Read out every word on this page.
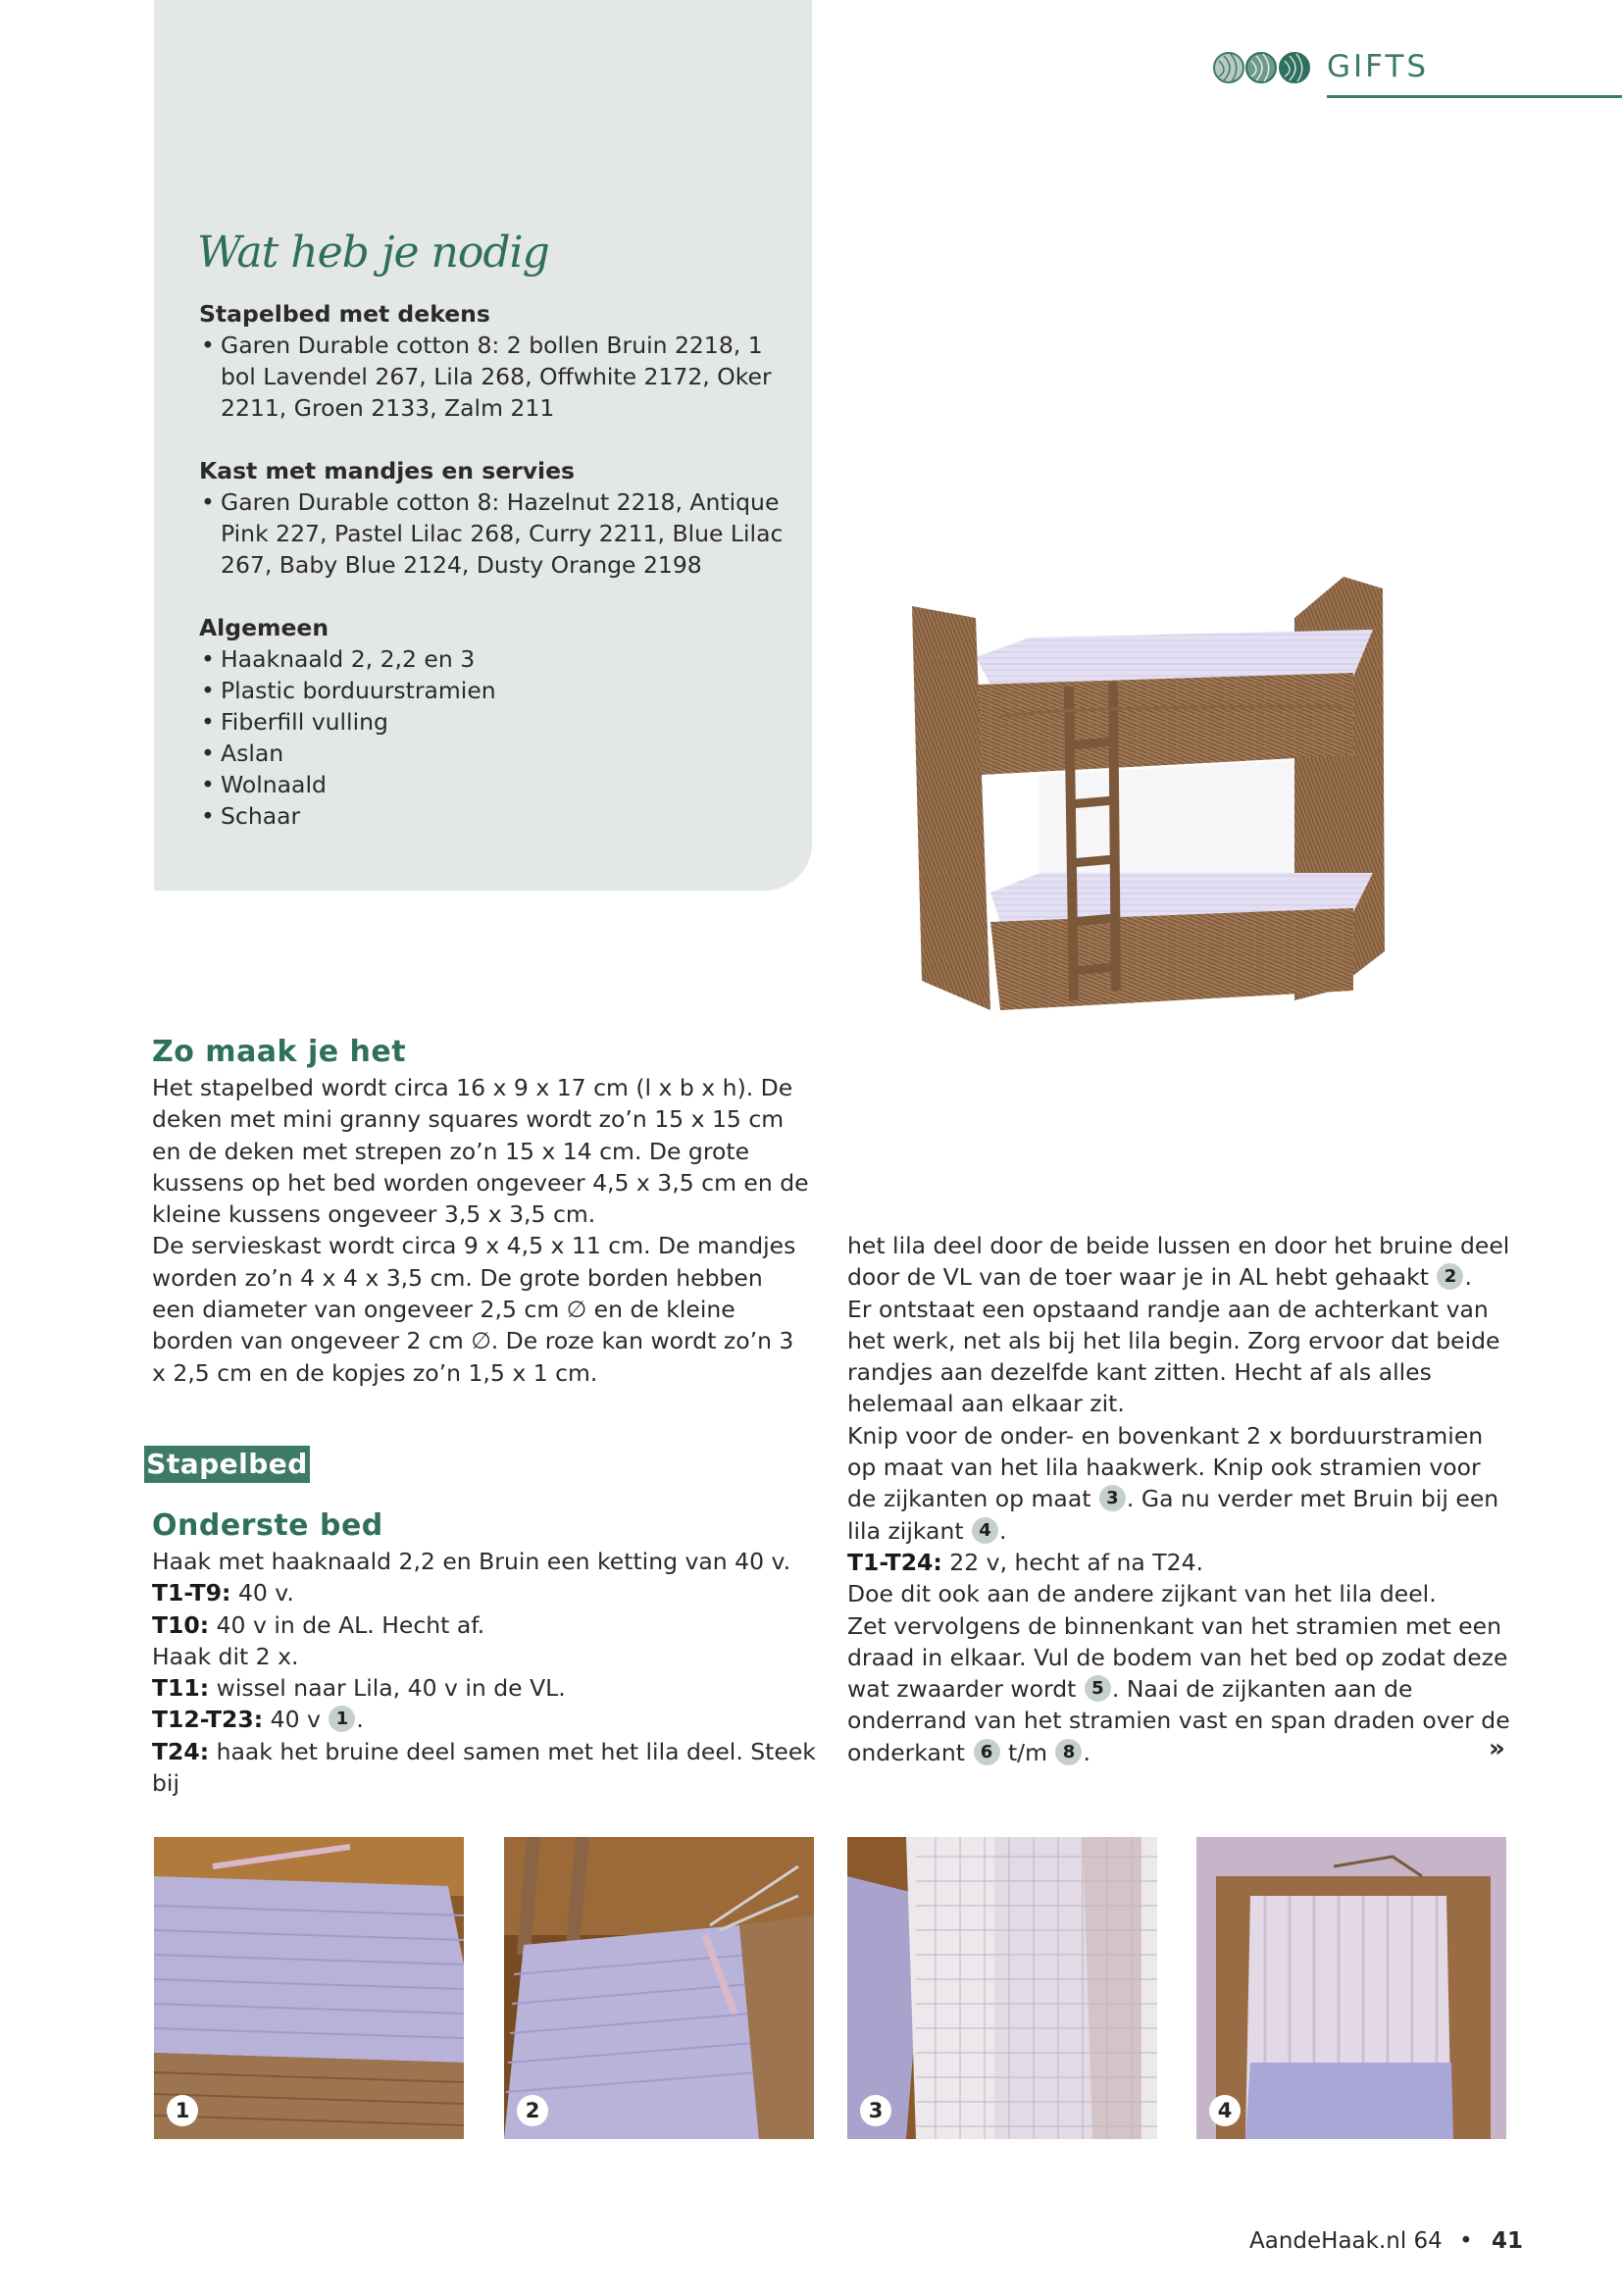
GIFTS
Wat heb je nodig
Stapelbed met dekens
• Garen Durable cotton 8: 2 bollen Bruin 2218, 1 bol Lavendel 267, Lila 268, Offwhite 2172, Oker 2211, Groen 2133, Zalm 211
Kast met mandjes en servies
• Garen Durable cotton 8: Hazelnut 2218, Antique Pink 227, Pastel Lilac 268, Curry 2211, Blue Lilac 267, Baby Blue 2124, Dusty Orange 2198
Algemeen
• Haaknaald 2, 2,2 en 3
• Plastic borduurstramien
• Fiberfill vulling
• Aslan
• Wolnaald
• Schaar
Zo maak je het
Het stapelbed wordt circa 16 x 9 x 17 cm (l x b x h). De deken met mini granny squares wordt zo’n 15 x 15 cm en de deken met strepen zo’n 15 x 14 cm. De grote kussens op het bed worden ongeveer 4,5 x 3,5 cm en de kleine kussens ongeveer 3,5 x 3,5 cm.
De servieskast wordt circa 9 x 4,5 x 11 cm. De mandjes worden zo’n 4 x 4 x 3,5 cm. De grote borden hebben een diameter van ongeveer 2,5 cm ∅ en de kleine borden van ongeveer 2 cm ∅. De roze kan wordt zo’n 3 x 2,5 cm en de kopjes zo’n 1,5 x 1 cm.
Stapelbed
Onderste bed
Haak met haaknaald 2,2 en Bruin een ketting van 40 v.
T1-T9: 40 v.
T10: 40 v in de AL. Hecht af.
Haak dit 2 x.
T11: wissel naar Lila, 40 v in de VL.
T12-T23: 40 v 1 .
T24: haak het bruine deel samen met het lila deel. Steek bij
het lila deel door de beide lussen en door het bruine deel door de VL van de toer waar je in AL hebt gehaakt 2 .
Er ontstaat een opstaand randje aan de achterkant van het werk, net als bij het lila begin. Zorg ervoor dat beide randjes aan dezelfde kant zitten. Hecht af als alles helemaal aan elkaar zit.
Knip voor de onder- en bovenkant 2 x borduurstramien op maat van het lila haakwerk. Knip ook stramien voor de zijkanten op maat 3 . Ga nu verder met Bruin bij een lila zijkant 4 .
T1-T24: 22 v, hecht af na T24.
Doe dit ook aan de andere zijkant van het lila deel.
Zet vervolgens de binnenkant van het stramien met een draad in elkaar. Vul de bodem van het bed op zodat deze wat zwaarder wordt 5 . Naai de zijkanten aan de onderrand van het stramien vast en span draden over de onderkant 6 t/m 8 .	»
1	2	3	4
AandeHaak.nl 64 • 41
